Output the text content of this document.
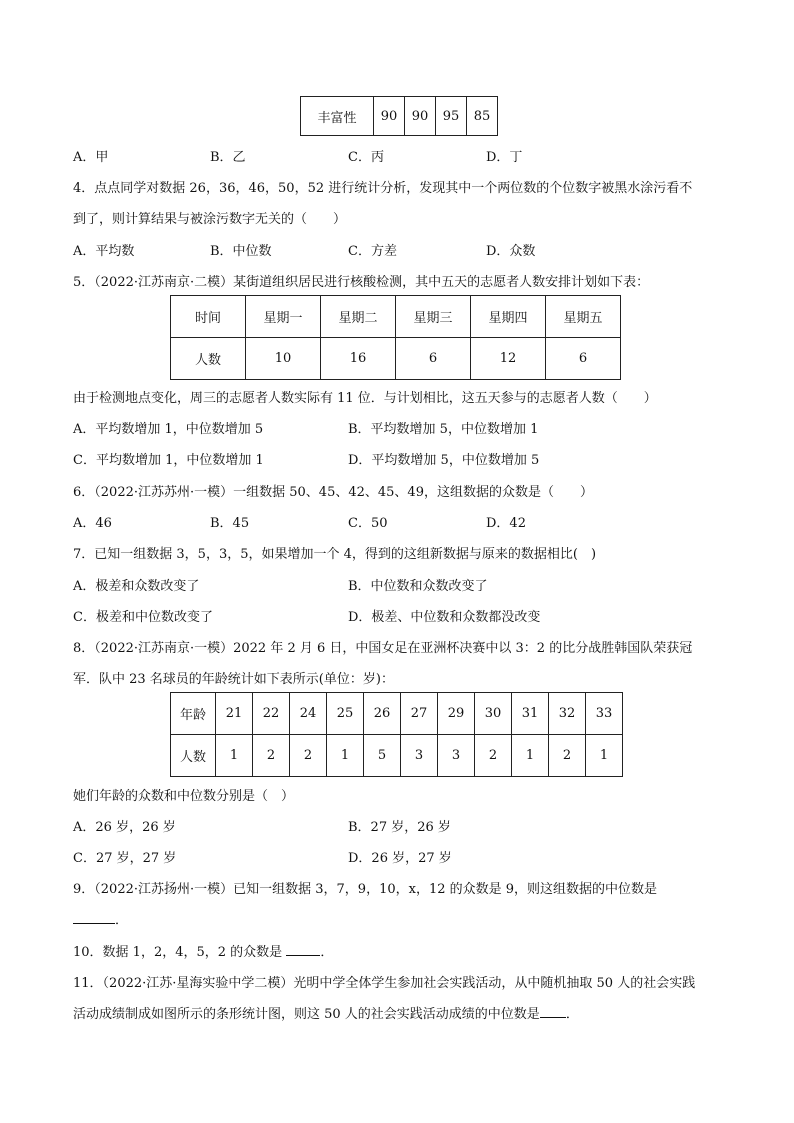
丰富性	90	90	95	85
A．甲	B．乙	C．丙	D．丁
4．点点同学对数据 26，36，46，50，52 进行统计分析，发现其中一个两位数的个位数字被黑水涂污看不
到了，则计算结果与被涂污数字无关的（　　）
A．平均数	B．中位数	C．方差	D．众数
5．（2022·江苏南京·二模）某街道组织居民进行核酸检测，其中五天的志愿者人数安排计划如下表：
时间	星期一	星期二	星期三	星期四	星期五
人数	10	16	6	12	6
由于检测地点变化，周三的志愿者人数实际有 11 位．与计划相比，这五天参与的志愿者人数（　　）
A．平均数增加 1，中位数增加 5	B．平均数增加 5，中位数增加 1
C．平均数增加 1，中位数增加 1	D．平均数增加 5，中位数增加 5
6．（2022·江苏苏州·一模）一组数据 50、45、42、45、49，这组数据的众数是（　　）
A．46	B．45	C．50	D．42
7．已知一组数据 3，5，3，5，如果增加一个 4，得到的这组新数据与原来的数据相比(　)
A．极差和众数改变了	B．中位数和众数改变了
C．极差和中位数改变了	D．极差、中位数和众数都没改变
8．（2022·江苏南京·一模）2022 年 2 月 6 日，中国女足在亚洲杯决赛中以 3：2 的比分战胜韩国队荣获冠
军．队中 23 名球员的年龄统计如下表所示(单位：岁)：
年龄	21	22	24	25	26	27	29	30	31	32	33
人数	1	2	2	1	5	3	3	2	1	2	1
她们年龄的众数和中位数分别是（　）
A．26 岁，26 岁	B．27 岁，26 岁
C．27 岁，27 岁	D．26 岁，27 岁
9．（2022·江苏扬州·一模）已知一组数据 3，7，9，10，x，12 的众数是 9，则这组数据的中位数是
．
10．数据 1，2，4，5，2 的众数是	．
11．（2022·江苏·星海实验中学二模）光明中学全体学生参加社会实践活动，从中随机抽取 50 人的社会实践
活动成绩制成如图所示的条形统计图，则这 50 人的社会实践活动成绩的中位数是 ．
